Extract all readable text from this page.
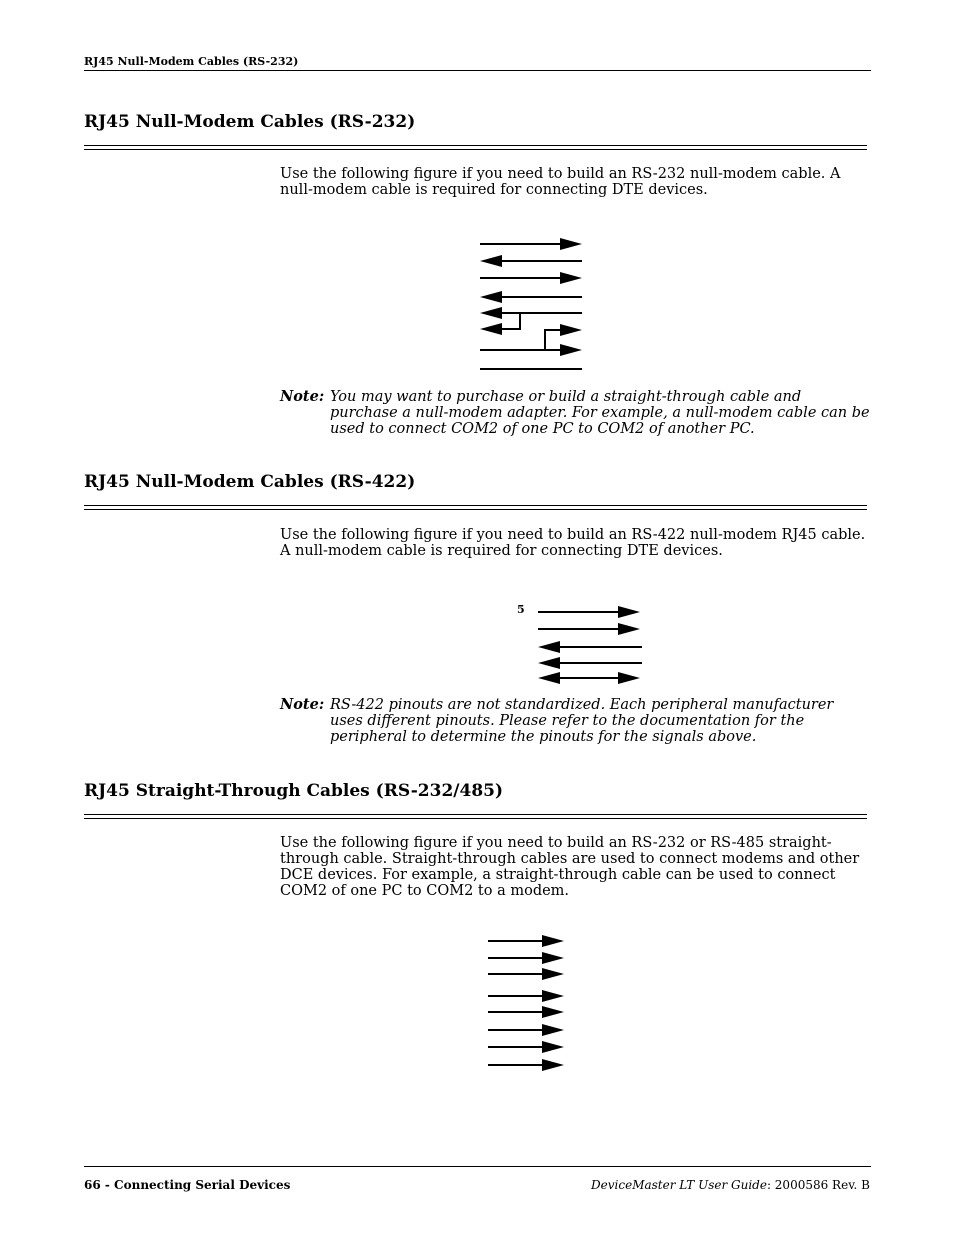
RJ45 Null-Modem Cables (RS-232)
RJ45 Null-Modem Cables (RS-232)
Use the following figure if you need to build an RS-232 null-modem cable. A null-modem cable is required for connecting DTE devices.
Note: You may want to purchase or build a straight-through cable and purchase a null-modem adapter. For example, a null-modem cable can be used to connect COM2 of one PC to COM2 of another PC.
RJ45 Null-Modem Cables (RS-422)
Use the following figure if you need to build an RS-422 null-modem RJ45 cable. A null-modem cable is required for connecting DTE devices.
5
Note: RS-422 pinouts are not standardized. Each peripheral manufacturer uses different pinouts. Please refer to the documentation for the peripheral to determine the pinouts for the signals above.
RJ45 Straight-Through Cables (RS-232/485)
Use the following figure if you need to build an RS-232 or RS-485 straight-through cable. Straight-through cables are used to connect modems and other DCE devices. For example, a straight-through cable can be used to connect COM2 of one PC to COM2 to a modem.
66 - Connecting Serial Devices	DeviceMaster LT User Guide: 2000586 Rev. B
